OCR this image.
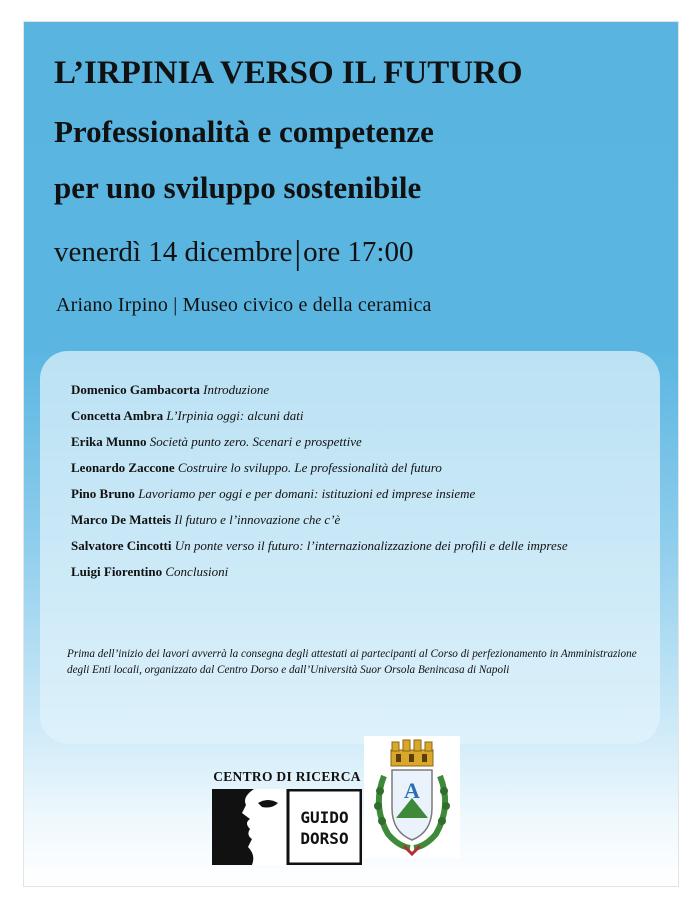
L’IRPINIA VERSO IL FUTURO
Professionalità e competenze
per uno sviluppo sostenibile
venerdì 14 dicembre|ore 17:00
Ariano Irpino | Museo civico e della ceramica
Domenico Gambacorta Introduzione
Concetta Ambra L’Irpinia oggi: alcuni dati
Erika Munno Società punto zero. Scenari e prospettive
Leonardo Zaccone Costruire lo sviluppo. Le professionalità del futuro
Pino Bruno Lavoriamo per oggi e per domani: istituzioni ed imprese insieme
Marco De Matteis Il futuro e l’innovazione che c’è
Salvatore Cincotti Un ponte verso il futuro: l’internazionalizzazione dei profili e delle imprese
Luigi Fiorentino Conclusioni

Prima dell’inizio dei lavori avverrà la consegna degli attestati ai partecipanti al Corso di perfezionamento in Amministrazione degli Enti locali, organizzato dal Centro Dorso e dall’Università Suor Orsola Benincasa di Napoli

CENTRO DI RICERCA
GUIDO
DORSO
A
